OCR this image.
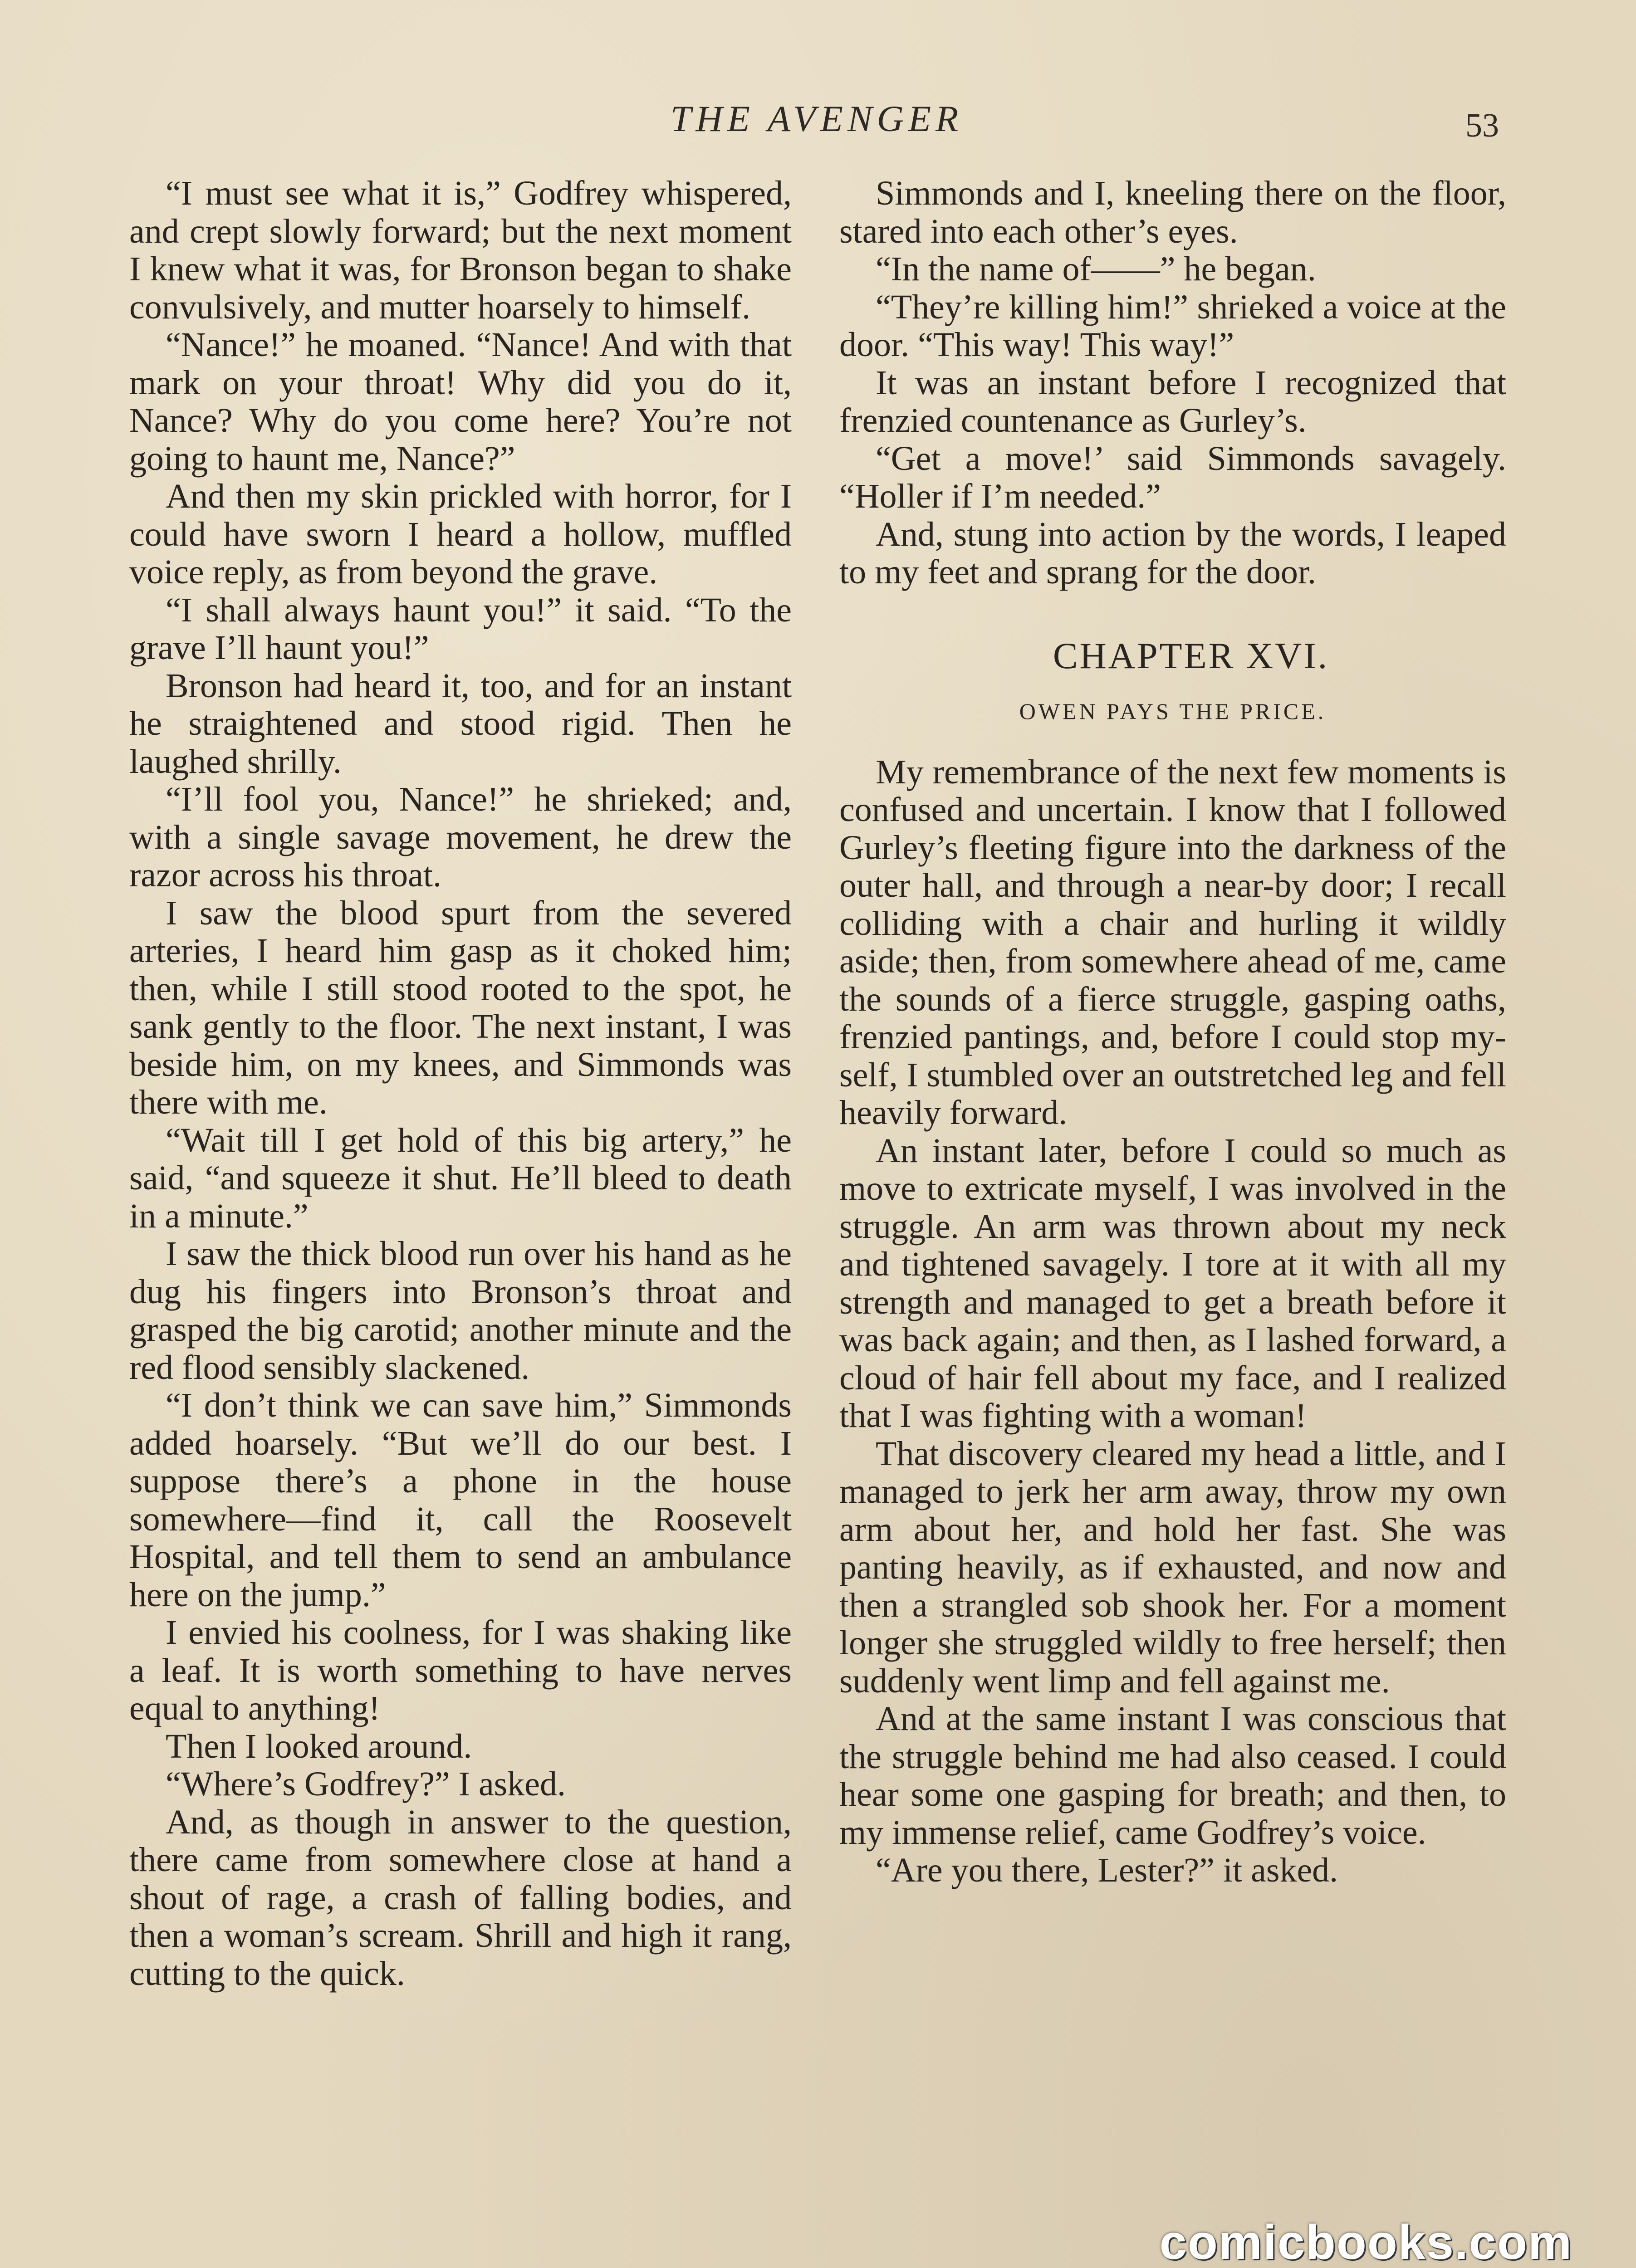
THE AVENGER	53

“I must see what it is,” Godfrey whispered, and crept slowly forward; but the next moment I knew what it was, for Bronson began to shake convulsively, and mutter hoarsely to himself.

“Nance!” he moaned. “Nance! And with that mark on your throat! Why did you do it, Nance? Why do you come here? You’re not going to haunt me, Nance?”

And then my skin prickled with horror, for I could have sworn I heard a hollow, muffled voice reply, as from beyond the grave.

“I shall always haunt you!” it said. “To the grave I’ll haunt you!”

Bronson had heard it, too, and for an instant he straightened and stood rigid. Then he laughed shrilly.

“I’ll fool you, Nance!” he shrieked; and, with a single savage movement, he drew the razor across his throat.

I saw the blood spurt from the severed arteries, I heard him gasp as it choked him; then, while I still stood rooted to the spot, he sank gently to the floor. The next instant, I was beside him, on my knees, and Simmonds was there with me.

“Wait till I get hold of this big artery,” he said, “and squeeze it shut. He’ll bleed to death in a minute.”

I saw the thick blood run over his hand as he dug his fingers into Bronson’s throat and grasped the big carotid; another minute and the red flood sensibly slackened.

“I don’t think we can save him,” Simmonds added hoarsely. “But we’ll do our best. I suppose there’s a phone in the house somewhere—find it, call the Roosevelt Hospital, and tell them to send an ambulance here on the jump.”

I envied his coolness, for I was shaking like a leaf. It is worth something to have nerves equal to anything!

Then I looked around.

“Where’s Godfrey?” I asked.

And, as though in answer to the question, there came from somewhere close at hand a shout of rage, a crash of falling bodies, and then a woman’s scream. Shrill and high it rang, cutting to the quick.

Simmonds and I, kneeling there on the floor, stared into each other’s eyes.

“In the name of——” he began.

“They’re killing him!” shrieked a voice at the door. “This way! This way!”

It was an instant before I recognized that frenzied countenance as Gurley’s.

“Get a move!’ said Simmonds savagely. “Holler if I’m needed.”

And, stung into action by the words, I leaped to my feet and sprang for the door.

CHAPTER XVI.

OWEN PAYS THE PRICE.

My remembrance of the next few moments is confused and uncertain. I know that I followed Gurley’s fleeting figure into the darkness of the outer hall, and through a near-by door; I recall colliding with a chair and hurling it wildly aside; then, from somewhere ahead of me, came the sounds of a fierce struggle, gasping oaths, frenzied pantings, and, before I could stop myself, I stumbled over an outstretched leg and fell heavily forward.

An instant later, before I could so much as move to extricate myself, I was involved in the struggle. An arm was thrown about my neck and tightened savagely. I tore at it with all my strength and managed to get a breath before it was back again; and then, as I lashed forward, a cloud of hair fell about my face, and I realized that I was fighting with a woman!

That discovery cleared my head a little, and I managed to jerk her arm away, throw my own arm about her, and hold her fast. She was panting heavily, as if exhausted, and now and then a strangled sob shook her. For a moment longer she struggled wildly to free herself; then suddenly went limp and fell against me.

And at the same instant I was conscious that the struggle behind me had also ceased. I could hear some one gasping for breath; and then, to my immense relief, came Godfrey’s voice.

“Are you there, Lester?” it asked.

comicbooks.com
